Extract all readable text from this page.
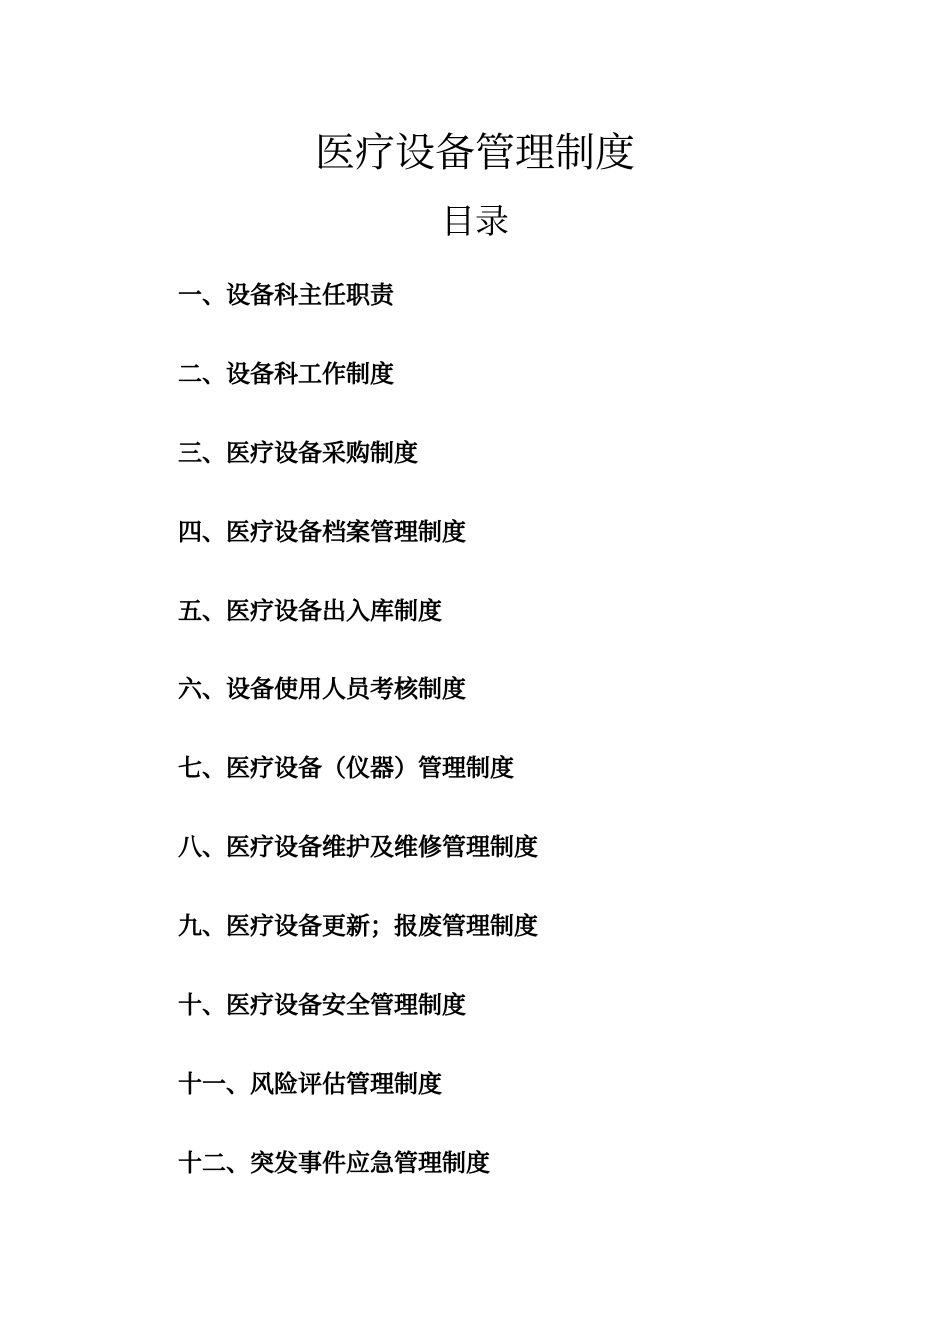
医疗设备管理制度
目录
一、设备科主任职责
二、设备科工作制度
三、医疗设备采购制度
四、医疗设备档案管理制度
五、医疗设备出入库制度
六、设备使用人员考核制度
七、医疗设备（仪器）管理制度
八、医疗设备维护及维修管理制度
九、医疗设备更新；报废管理制度
十、医疗设备安全管理制度
十一、风险评估管理制度
十二、突发事件应急管理制度
